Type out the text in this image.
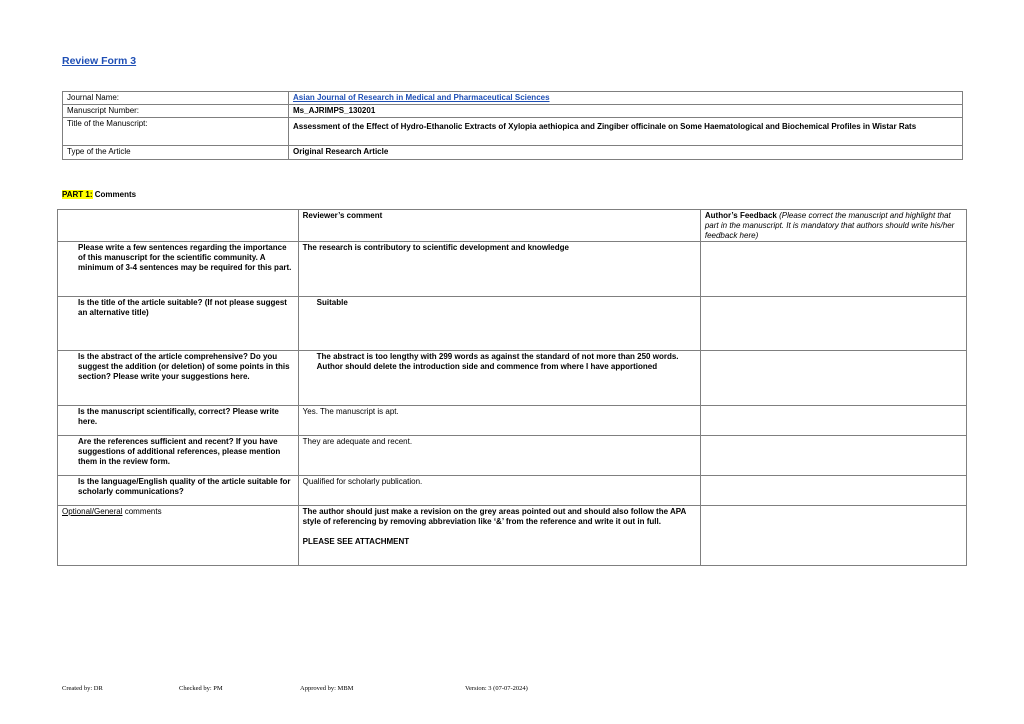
Review Form 3
Journal Name:	Asian Journal of Research in Medical and Pharmaceutical Sciences
Manuscript Number:	Ms_AJRIMPS_130201
Title of the Manuscript:	Assessment of the Effect of Hydro-Ethanolic Extracts of Xylopia aethiopica and Zingiber officinale on Some Haematological and Biochemical Profiles in Wistar Rats
Type of the Article	Original Research Article
PART 1: Comments
	Reviewer’s comment	Author’s Feedback (Please correct the manuscript and highlight that part in the manuscript. It is mandatory that authors should write his/her feedback here)
Please write a few sentences regarding the importance of this manuscript for the scientific community. A minimum of 3-4 sentences may be required for this part.	The research is contributory to scientific development and knowledge	
Is the title of the article suitable? (If not please suggest an alternative title)	Suitable	
Is the abstract of the article comprehensive? Do you suggest the addition (or deletion) of some points in this section? Please write your suggestions here.	The abstract is too lengthy with 299 words as against the standard of not more than 250 words. Author should delete the introduction side and commence from where I have apportioned	
Is the manuscript scientifically, correct? Please write here.	Yes. The manuscript is apt.	
Are the references sufficient and recent? If you have suggestions of additional references, please mention them in the review form.	They are adequate and recent.	
Is the language/English quality of the article suitable for scholarly communications?	Qualified for scholarly publication.	
Optional/General comments	The author should just make a revision on the grey areas pointed out and should also follow the APA style of referencing by removing abbreviation like ‘&’ from the reference and write it out in full.
PLEASE SEE ATTACHMENT	

Created by: DR	Checked by: PM	Approved by: MBM	Version: 3 (07-07-2024)
